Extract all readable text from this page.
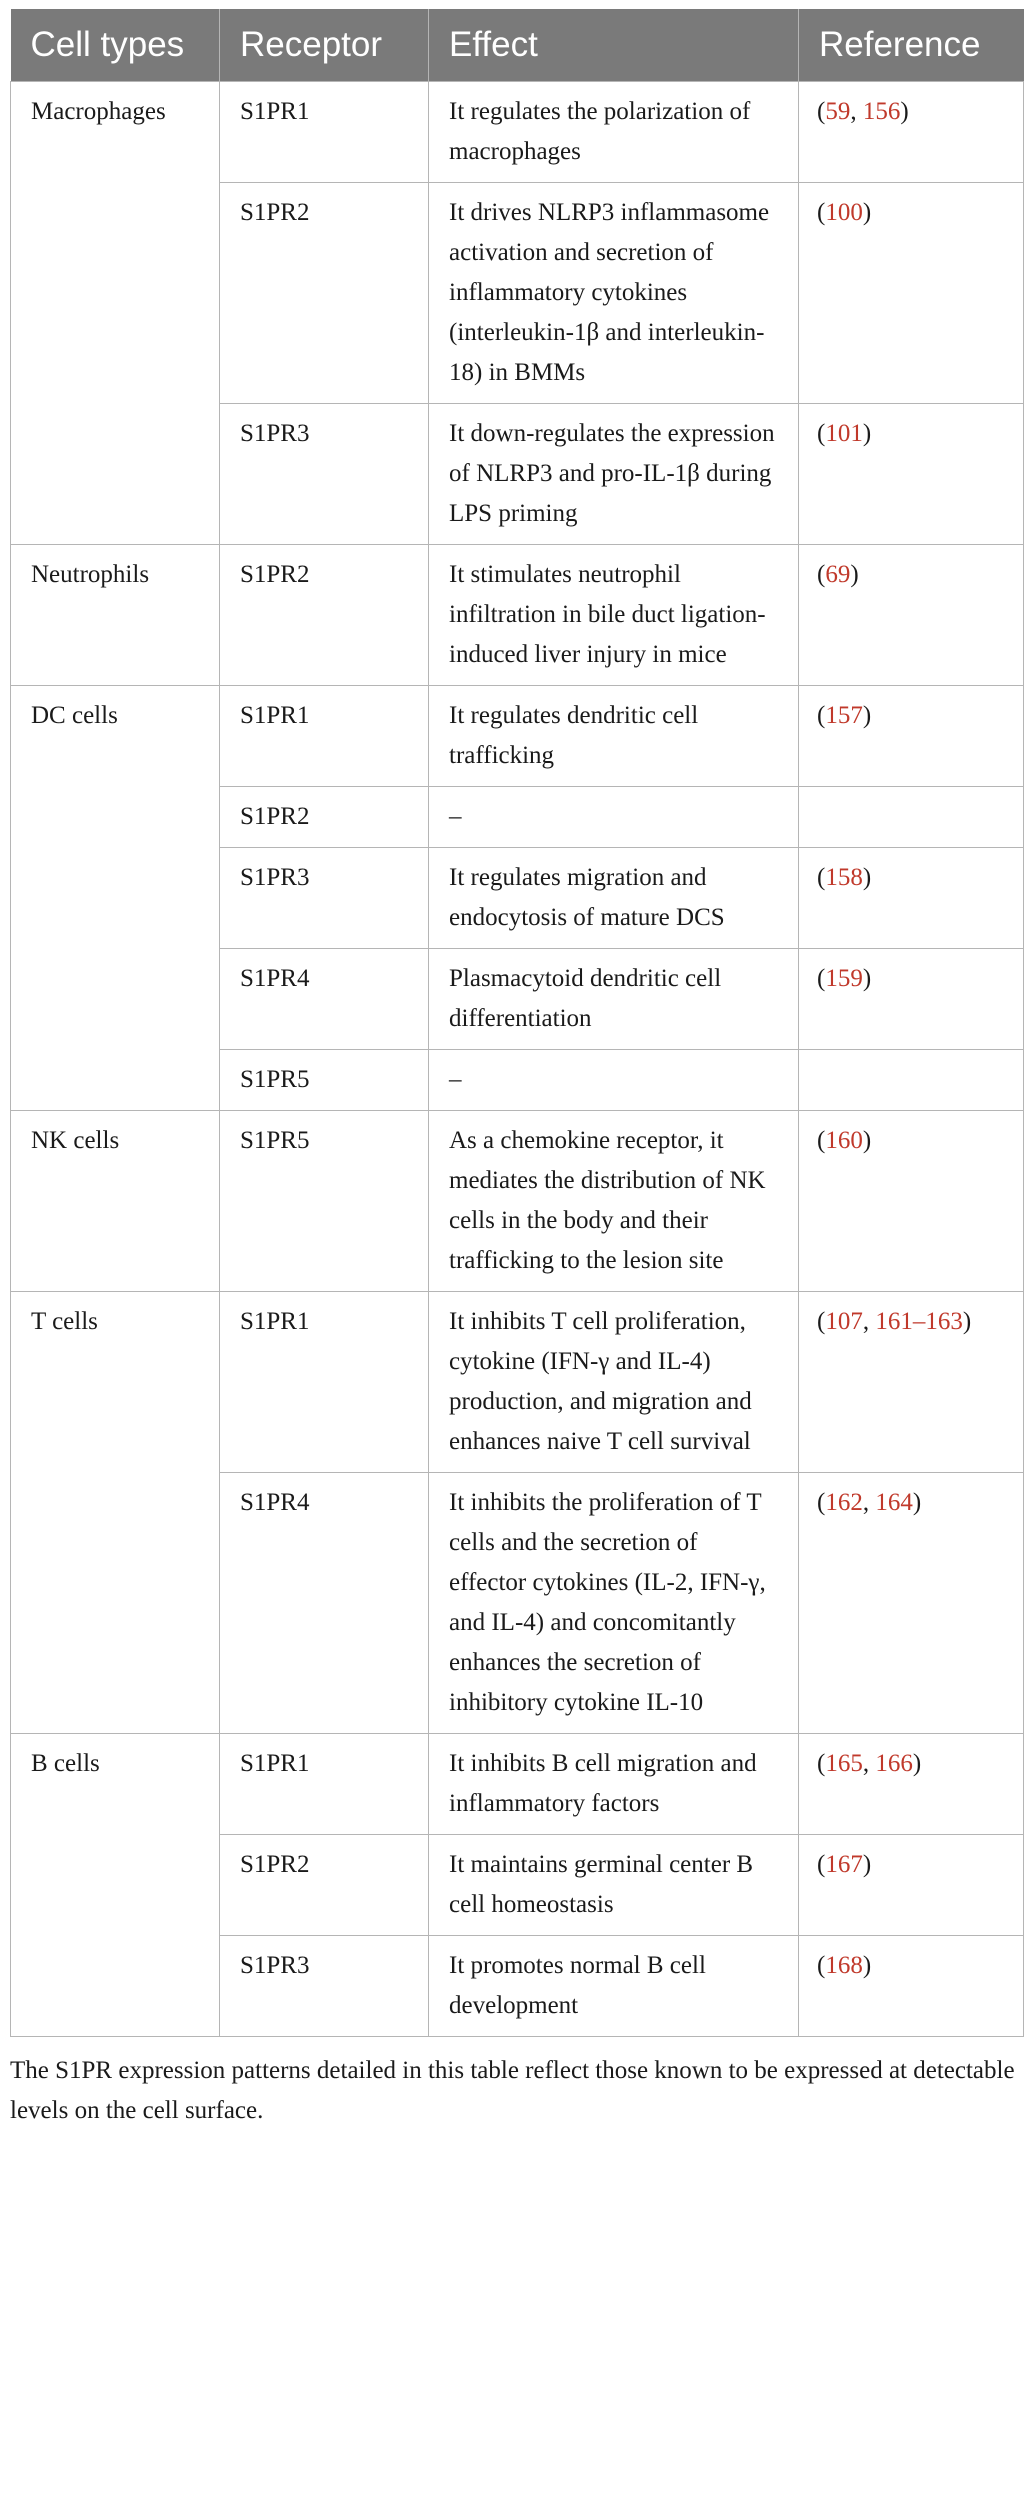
Cell types	Receptor	Effect	Reference
Macrophages	S1PR1	It regulates the polarization of macrophages	(59, 156)
	S1PR2	It drives NLRP3 inflammasome activation and secretion of inflammatory cytokines (interleukin-1β and interleukin-18) in BMMs	(100)
	S1PR3	It down-regulates the expression of NLRP3 and pro-IL-1β during LPS priming	(101)
Neutrophils	S1PR2	It stimulates neutrophil infiltration in bile duct ligation-induced liver injury in mice	(69)
DC cells	S1PR1	It regulates dendritic cell trafficking	(157)
	S1PR2	–	
	S1PR3	It regulates migration and endocytosis of mature DCS	(158)
	S1PR4	Plasmacytoid dendritic cell differentiation	(159)
	S1PR5	–	
NK cells	S1PR5	As a chemokine receptor, it mediates the distribution of NK cells in the body and their trafficking to the lesion site	(160)
T cells	S1PR1	It inhibits T cell proliferation, cytokine (IFN-γ and IL-4) production, and migration and enhances naive T cell survival	(107, 161–163)
	S1PR4	It inhibits the proliferation of T cells and the secretion of effector cytokines (IL-2, IFN-γ, and IL-4) and concomitantly enhances the secretion of inhibitory cytokine IL-10	(162, 164)
B cells	S1PR1	It inhibits B cell migration and inflammatory factors	(165, 166)
	S1PR2	It maintains germinal center B cell homeostasis	(167)
	S1PR3	It promotes normal B cell development	(168)
The S1PR expression patterns detailed in this table reflect those known to be expressed at detectable levels on the cell surface.
